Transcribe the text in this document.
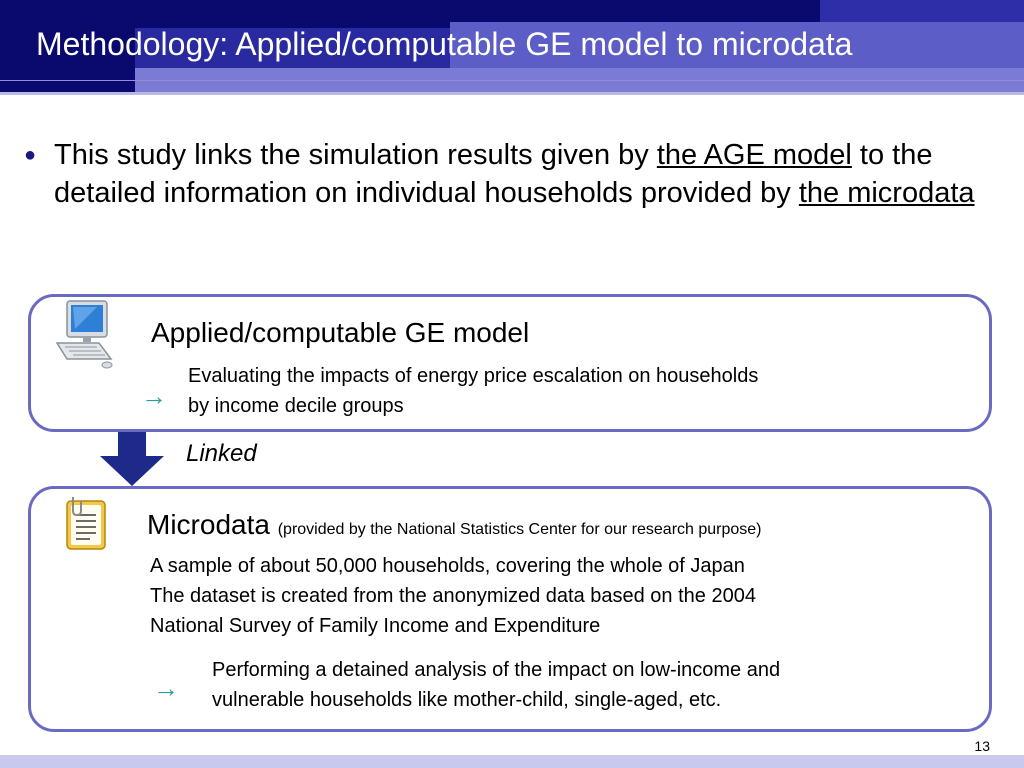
Methodology: Applied/computable GE model to microdata
● This study links the simulation results given by the AGE model to the detailed information on individual households provided by the microdata
Applied/computable GE model
→
Evaluating the impacts of energy price escalation on households
by income decile groups
Linked
Microdata (provided by the National Statistics Center for our research purpose)
A sample of about 50,000 households, covering the whole of Japan
The dataset is created from the anonymized data based on the 2004
National Survey of Family Income and Expenditure
→
Performing a detained analysis of the impact on low-income and
vulnerable households like mother-child, single-aged, etc.
13
